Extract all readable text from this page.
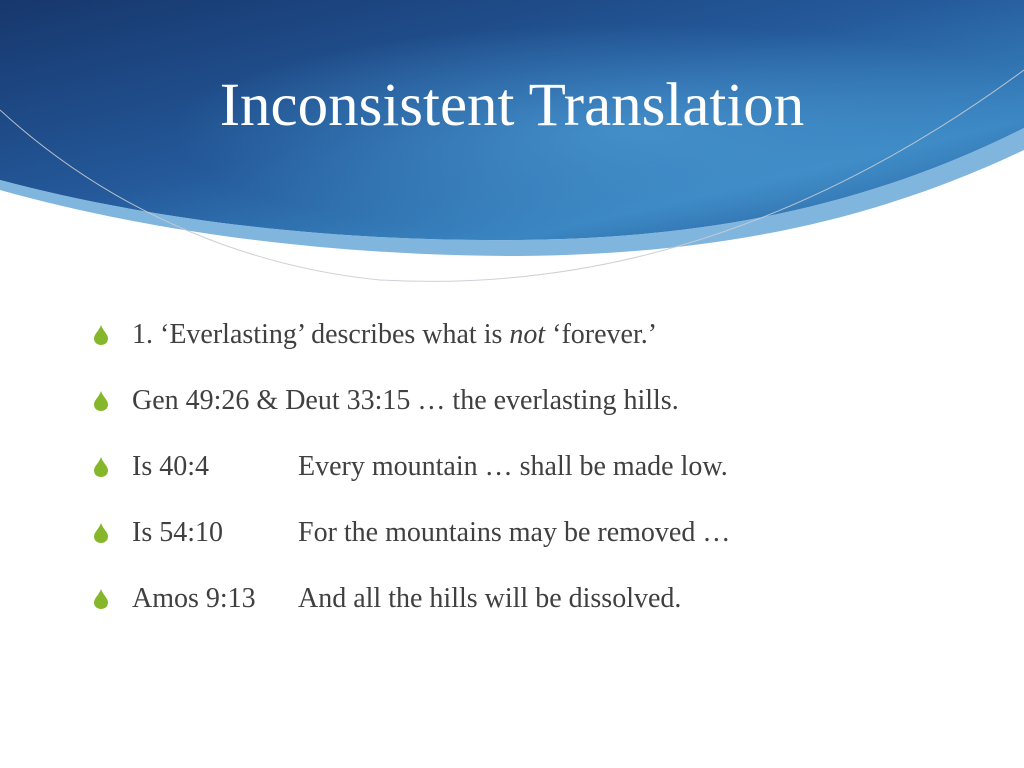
Inconsistent Translation
1. ‘Everlasting’ describes what is not ‘forever.’
Gen 49:26 & Deut 33:15 … the everlasting hills.
Is 40:4	Every mountain … shall be made low.
Is 54:10	For the mountains may be removed …
Amos 9:13	And all the hills will be dissolved.
